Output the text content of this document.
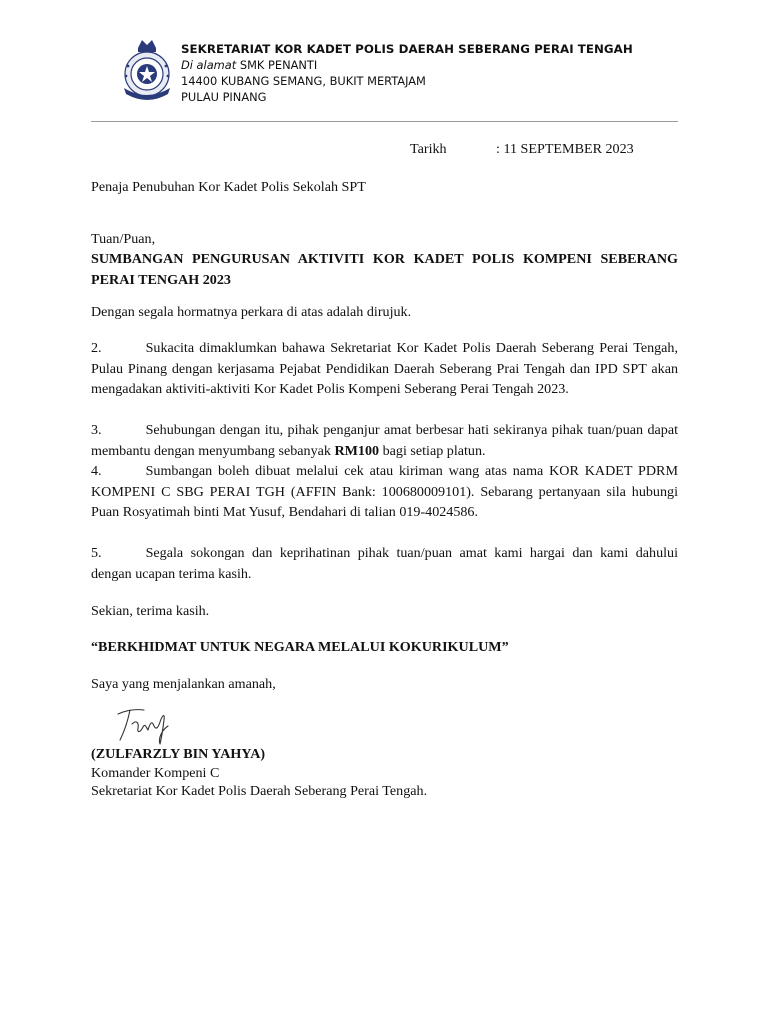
SEKRETARIAT KOR KADET POLIS DAERAH SEBERANG PERAI TENGAH
Di alamat SMK PENANTI
14400 KUBANG SEMANG, BUKIT MERTAJAM
PULAU PINANG
Tarikh	: 11 SEPTEMBER 2023
Penaja Penubuhan Kor Kadet Polis Sekolah SPT
Tuan/Puan,
SUMBANGAN PENGURUSAN AKTIVITI KOR KADET POLIS KOMPENI SEBERANG PERAI TENGAH 2023
Dengan segala hormatnya perkara di atas adalah dirujuk.
2.	Sukacita dimaklumkan bahawa Sekretariat Kor Kadet Polis Daerah Seberang Perai Tengah, Pulau Pinang dengan kerjasama Pejabat Pendidikan Daerah Seberang Prai Tengah dan IPD SPT akan mengadakan aktiviti-aktiviti Kor Kadet Polis Kompeni Seberang Perai Tengah 2023.
3.	Sehubungan dengan itu, pihak penganjur amat berbesar hati sekiranya pihak tuan/puan dapat membantu dengan menyumbang sebanyak RM100 bagi setiap platun.
4.	Sumbangan boleh dibuat melalui cek atau kiriman wang atas nama KOR KADET PDRM KOMPENI C SBG PERAI TGH (AFFIN Bank: 100680009101). Sebarang pertanyaan sila hubungi Puan Rosyatimah binti Mat Yusuf, Bendahari di talian 019-4024586.
5.	Segala sokongan dan keprihatinan pihak tuan/puan amat kami hargai dan kami dahului dengan ucapan terima kasih.
Sekian, terima kasih.
“BERKHIDMAT UNTUK NEGARA MELALUI KOKURIKULUM”
Saya yang menjalankan amanah,
(ZULFARZLY BIN YAHYA)
Komander Kompeni C
Sekretariat Kor Kadet Polis Daerah Seberang Perai Tengah.
